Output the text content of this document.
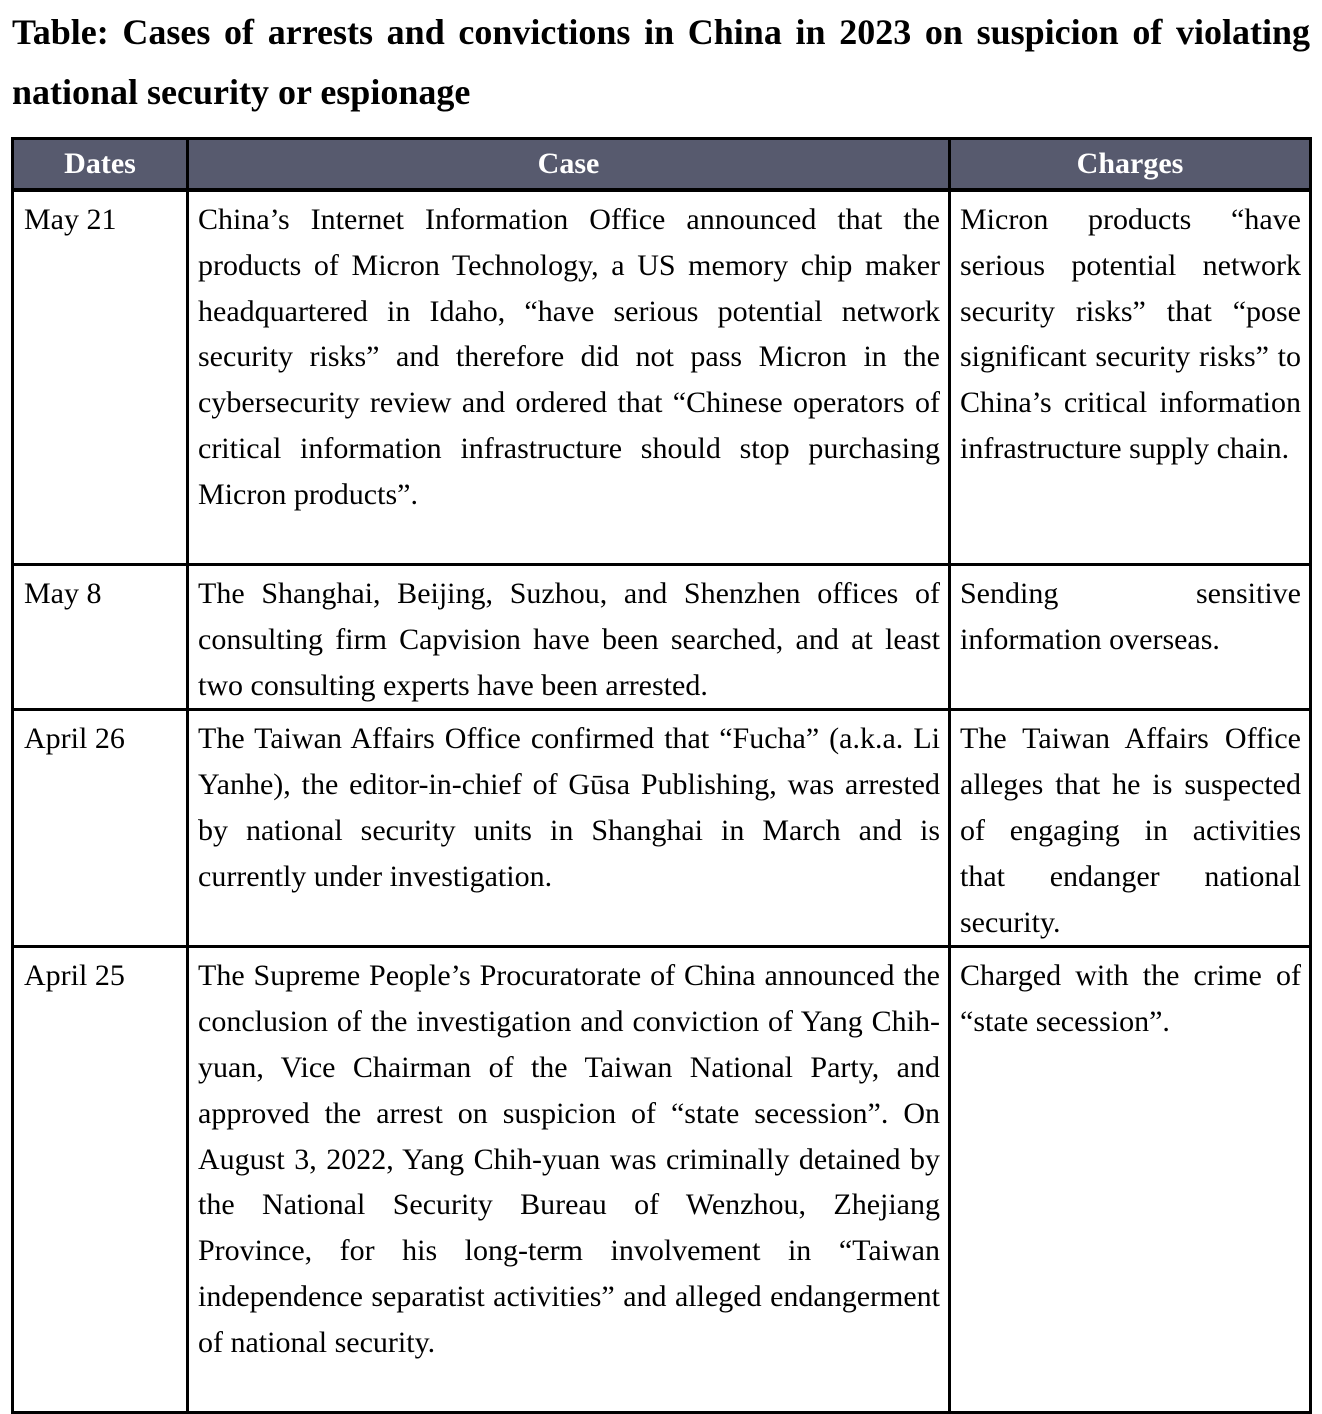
Table: Cases of arrests and convictions in China in 2023 on suspicion of violating national security or espionage
Dates	Case	Charges
May 21	China’s Internet Information Office announced that the products of Micron Technology, a US memory chip maker headquartered in Idaho, “have serious potential network security risks” and therefore did not pass Micron in the cybersecurity review and ordered that “Chinese operators of critical information infrastructure should stop purchasing Micron products”.	Micron products “have serious potential network security risks” that “pose significant security risks” to China’s critical information infrastructure supply chain.
May 8	The Shanghai, Beijing, Suzhou, and Shenzhen offices of consulting firm Capvision have been searched, and at least two consulting experts have been arrested.	Sending sensitive information overseas.
April 26	The Taiwan Affairs Office confirmed that “Fucha” (a.k.a. Li Yanhe), the editor-in-chief of Gūsa Publishing, was arrested by national security units in Shanghai in March and is currently under investigation.	The Taiwan Affairs Office alleges that he is suspected of engaging in activities that endanger national security.
April 25	The Supreme People’s Procuratorate of China announced the conclusion of the investigation and conviction of Yang Chih-yuan, Vice Chairman of the Taiwan National Party, and approved the arrest on suspicion of “state secession”. On August 3, 2022, Yang Chih-yuan was criminally detained by the National Security Bureau of Wenzhou, Zhejiang Province, for his long-term involvement in “Taiwan independence separatist activities” and alleged endangerment of national security.	Charged with the crime of “state secession”.
